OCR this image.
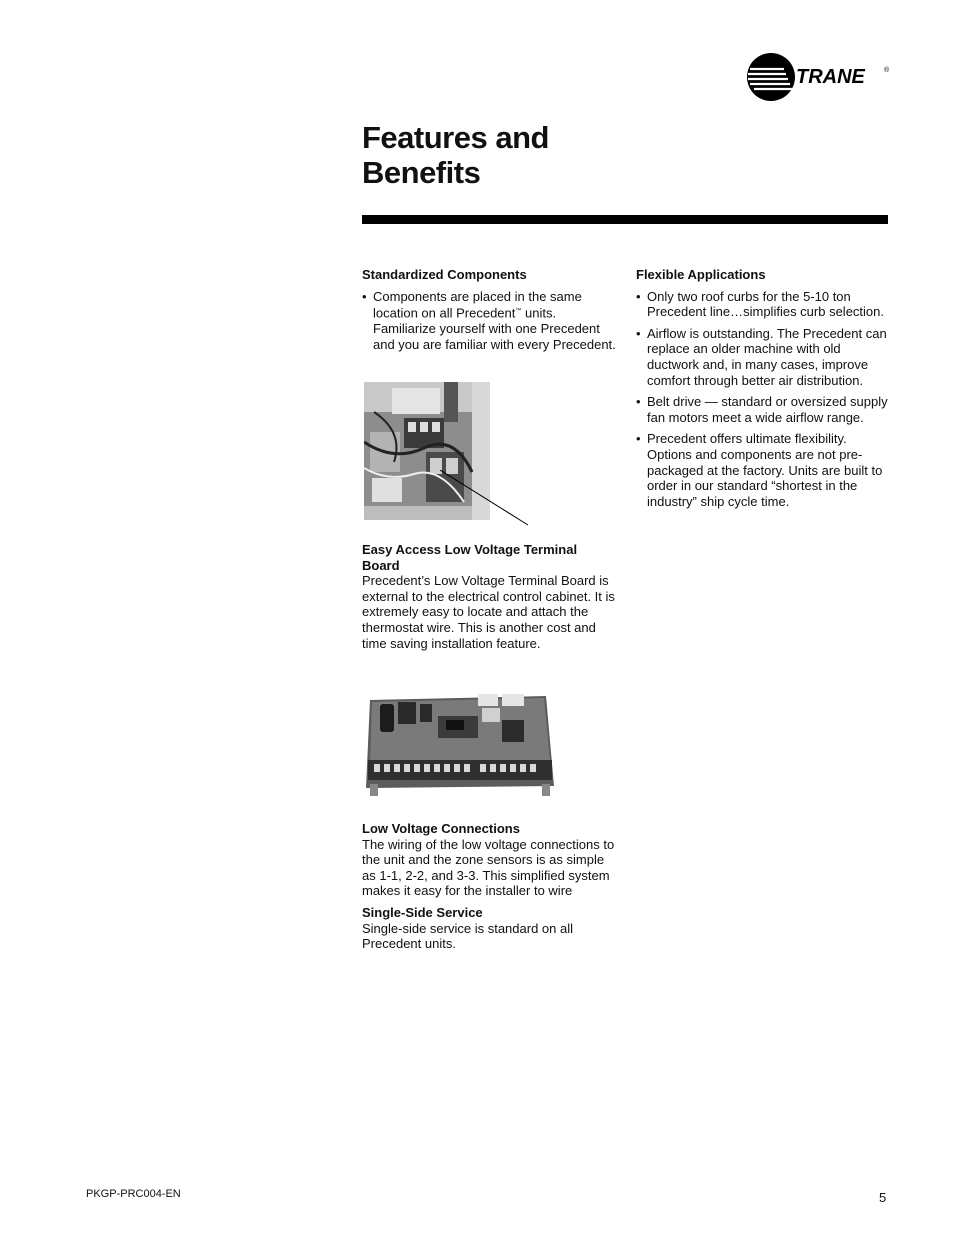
TRANE	®
Features and
Benefits
Standardized Components
• Components are placed in the same location on all Precedent™ units. Familiarize yourself with one Precedent and you are familiar with every Precedent.

Easy Access Low Voltage Terminal Board

Precedent’s Low Voltage Terminal Board is external to the electrical control cabinet. It is extremely easy to locate and attach the thermostat wire. This is another cost and time saving installation feature.

Low Voltage Connections

The wiring of the low voltage connections to the unit and the zone sensors is as simple as 1-1, 2-2, and 3-3. This simplified system makes it easy for the installer to wire

Single-Side Service

Single-side service is standard on all Precedent units.

Flexible Applications
• Only two roof curbs for the 5-10 ton Precedent line…simplifies curb selection.
• Airflow is outstanding. The Precedent can replace an older machine with old ductwork and, in many cases, improve comfort through better air distribution.
• Belt drive — standard or oversized supply fan motors meet a wide airflow range.
• Precedent offers ultimate flexibility. Options and components are not pre-packaged at the factory. Units are built to order in our standard “shortest in the industry” ship cycle time.
PKGP-PRC004-EN	5
